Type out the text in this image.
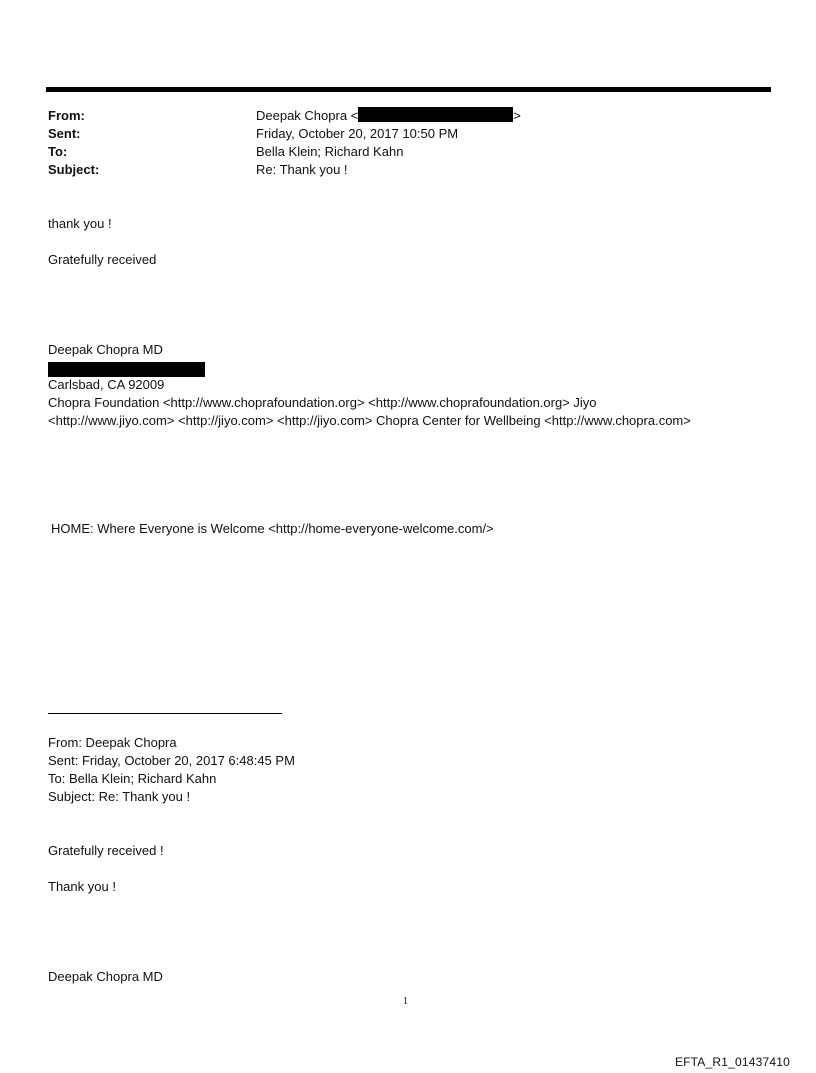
From:	Deepak Chopra <	>
Sent:	Friday, October 20, 2017 10:50 PM
To:	Bella Klein; Richard Kahn
Subject:	Re: Thank you !
thank you !
Gratefully received
Deepak Chopra MD
Carlsbad, CA 92009
Chopra Foundation <http://www.choprafoundation.org> <http://www.choprafoundation.org> Jiyo
<http://www.jiyo.com> <http://jiyo.com> <http://jiyo.com> Chopra Center for Wellbeing <http://www.chopra.com>
HOME: Where Everyone is Welcome <http://home-everyone-welcome.com/>
From: Deepak Chopra
Sent: Friday, October 20, 2017 6:48:45 PM
To: Bella Klein; Richard Kahn
Subject: Re: Thank you !
Gratefully received !
Thank you !
Deepak Chopra MD
1
EFTA_R1_01437410
